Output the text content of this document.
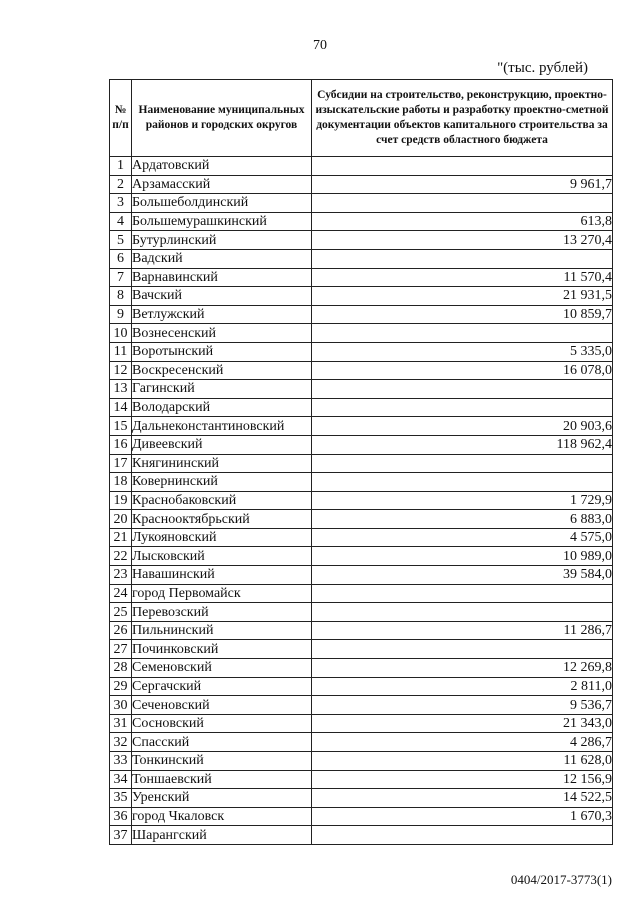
70
"(тыс. рублей)
№ п/п	Наименование муниципальных районов и городских округов	Субсидии на строительство, реконструкцию, проектно-изыскательские работы и разработку проектно-сметной документации объектов капитального строительства за счет средств областного бюджета
1	Ардатовский	
2	Арзамасский	9 961,7
3	Большеболдинский	
4	Большемурашкинский	613,8
5	Бутурлинский	13 270,4
6	Вадский	
7	Варнавинский	11 570,4
8	Вачский	21 931,5
9	Ветлужский	10 859,7
10	Вознесенский	
11	Воротынский	5 335,0
12	Воскресенский	16 078,0
13	Гагинский	
14	Володарский	
15	Дальнеконстантиновский	20 903,6
16	Дивеевский	118 962,4
17	Княгининский	
18	Ковернинский	
19	Краснобаковский	1 729,9
20	Краснооктябрьский	6 883,0
21	Лукояновский	4 575,0
22	Лысковский	10 989,0
23	Навашинский	39 584,0
24	город Первомайск	
25	Перевозский	
26	Пильнинский	11 286,7
27	Починковский	
28	Семеновский	12 269,8
29	Сергачский	2 811,0
30	Сеченовский	9 536,7
31	Сосновский	21 343,0
32	Спасский	4 286,7
33	Тонкинский	11 628,0
34	Тоншаевский	12 156,9
35	Уренский	14 522,5
36	город Чкаловск	1 670,3
37	Шарангский	
0404/2017-3773(1)
